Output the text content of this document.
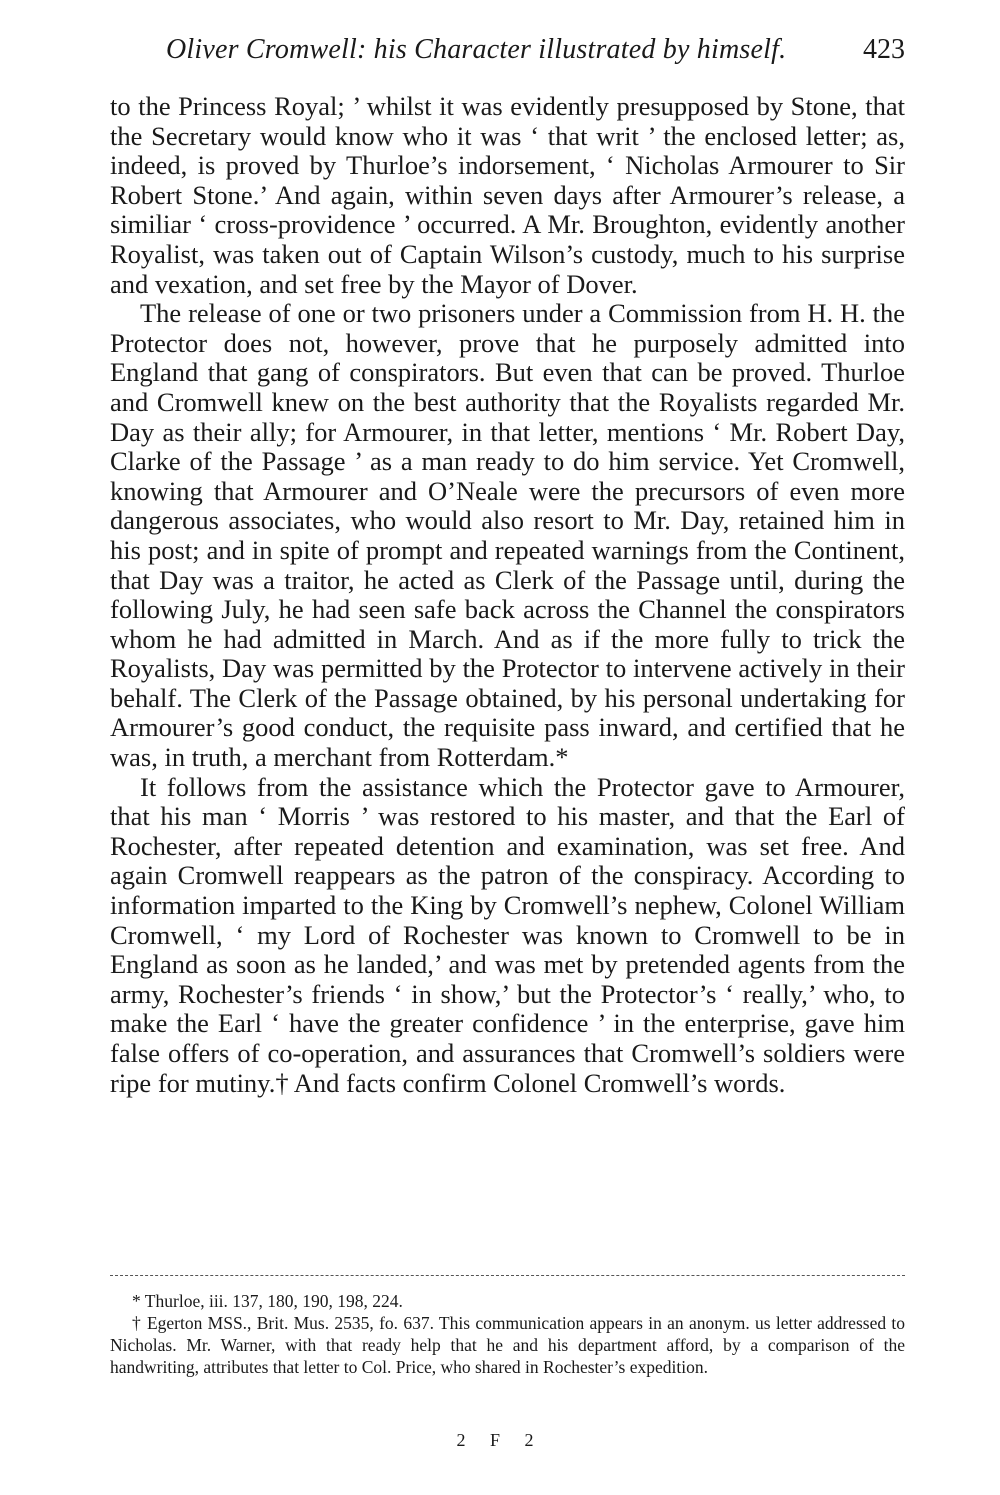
Oliver Cromwell: his Character illustrated by himself.	423

to the Princess Royal; ’ whilst it was evidently presupposed by Stone, that the Secretary would know who it was ‘ that writ ’ the enclosed letter; as, indeed, is proved by Thurloe’s indorsement, ‘ Nicholas Armourer to Sir Robert Stone.’ And again, within seven days after Armourer’s release, a similiar ‘ cross-providence ’ occurred. A Mr. Broughton, evidently another Royalist, was taken out of Captain Wilson’s custody, much to his surprise and vexation, and set free by the Mayor of Dover.

The release of one or two prisoners under a Commission from H. H. the Protector does not, however, prove that he purposely admitted into England that gang of conspirators. But even that can be proved. Thurloe and Cromwell knew on the best authority that the Royalists regarded Mr. Day as their ally; for Armourer, in that letter, mentions ‘ Mr. Robert Day, Clarke of the Passage ’ as a man ready to do him service. Yet Cromwell, knowing that Armourer and O’Neale were the precursors of even more dangerous associates, who would also resort to Mr. Day, retained him in his post; and in spite of prompt and repeated warnings from the Continent, that Day was a traitor, he acted as Clerk of the Passage until, during the following July, he had seen safe back across the Channel the conspirators whom he had admitted in March. And as if the more fully to trick the Royalists, Day was permitted by the Protector to intervene actively in their behalf. The Clerk of the Passage obtained, by his personal undertaking for Armourer’s good conduct, the requisite pass inward, and certified that he was, in truth, a merchant from Rotterdam.*

It follows from the assistance which the Protector gave to Armourer, that his man ‘ Morris ’ was restored to his master, and that the Earl of Rochester, after repeated detention and examination, was set free. And again Cromwell reappears as the patron of the conspiracy. According to information imparted to the King by Cromwell’s nephew, Colonel William Cromwell, ‘ my Lord of Rochester was known to Cromwell to be in England as soon as he landed,’ and was met by pretended agents from the army, Rochester’s friends ‘ in show,’ but the Protector’s ‘ really,’ who, to make the Earl ‘ have the greater confidence ’ in the enterprise, gave him false offers of co-operation, and assurances that Cromwell’s soldiers were ripe for mutiny.† And facts confirm Colonel Cromwell’s words.

* Thurloe, iii. 137, 180, 190, 198, 224.

† Egerton MSS., Brit. Mus. 2535, fo. 637. This communication appears in an anonym. us letter addressed to Nicholas. Mr. Warner, with that ready help that he and his department afford, by a comparison of the handwriting, attributes that letter to Col. Price, who shared in Rochester’s expedition.

2 F 2
